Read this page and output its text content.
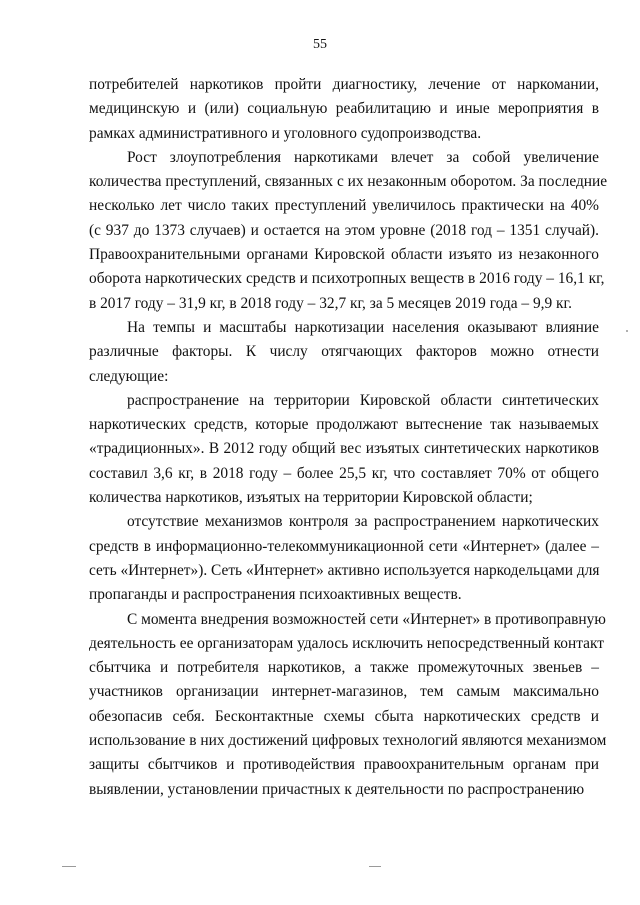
55
потребителей наркотиков пройти диагностику, лечение от наркомании,
медицинскую и (или) социальную реабилитацию и иные мероприятия в
рамках административного и уголовного судопроизводства.
Рост злоупотребления наркотиками влечет за собой увеличение
количества преступлений, связанных с их незаконным оборотом. За последние
несколько лет число таких преступлений увеличилось практически на 40%
(с 937 до 1373 случаев) и остается на этом уровне (2018 год – 1351 случай).
Правоохранительными органами Кировской области изъято из незаконного
оборота наркотических средств и психотропных веществ в 2016 году – 16,1 кг,
в 2017 году – 31,9 кг, в 2018 году – 32,7 кг, за 5 месяцев 2019 года – 9,9 кг.
На темпы и масштабы наркотизации населения оказывают влияние
различные факторы. К числу отягчающих факторов можно отнести
следующие:
распространение на территории Кировской области синтетических
наркотических средств, которые продолжают вытеснение так называемых
«традиционных». В 2012 году общий вес изъятых синтетических наркотиков
составил 3,6 кг, в 2018 году – более 25,5 кг, что составляет 70% от общего
количества наркотиков, изъятых на территории Кировской области;
отсутствие механизмов контроля за распространением наркотических
средств в информационно-телекоммуникационной сети «Интернет» (далее –
сеть «Интернет»). Сеть «Интернет» активно используется наркодельцами для
пропаганды и распространения психоактивных веществ.
С момента внедрения возможностей сети «Интернет» в противоправную
деятельность ее организаторам удалось исключить непосредственный контакт
сбытчика и потребителя наркотиков, а также промежуточных звеньев –
участников организации интернет-магазинов, тем самым максимально
обезопасив себя. Бесконтактные схемы сбыта наркотических средств и
использование в них достижений цифровых технологий являются механизмом
защиты сбытчиков и противодействия правоохранительным органам при
выявлении, установлении причастных к деятельности по распространению
